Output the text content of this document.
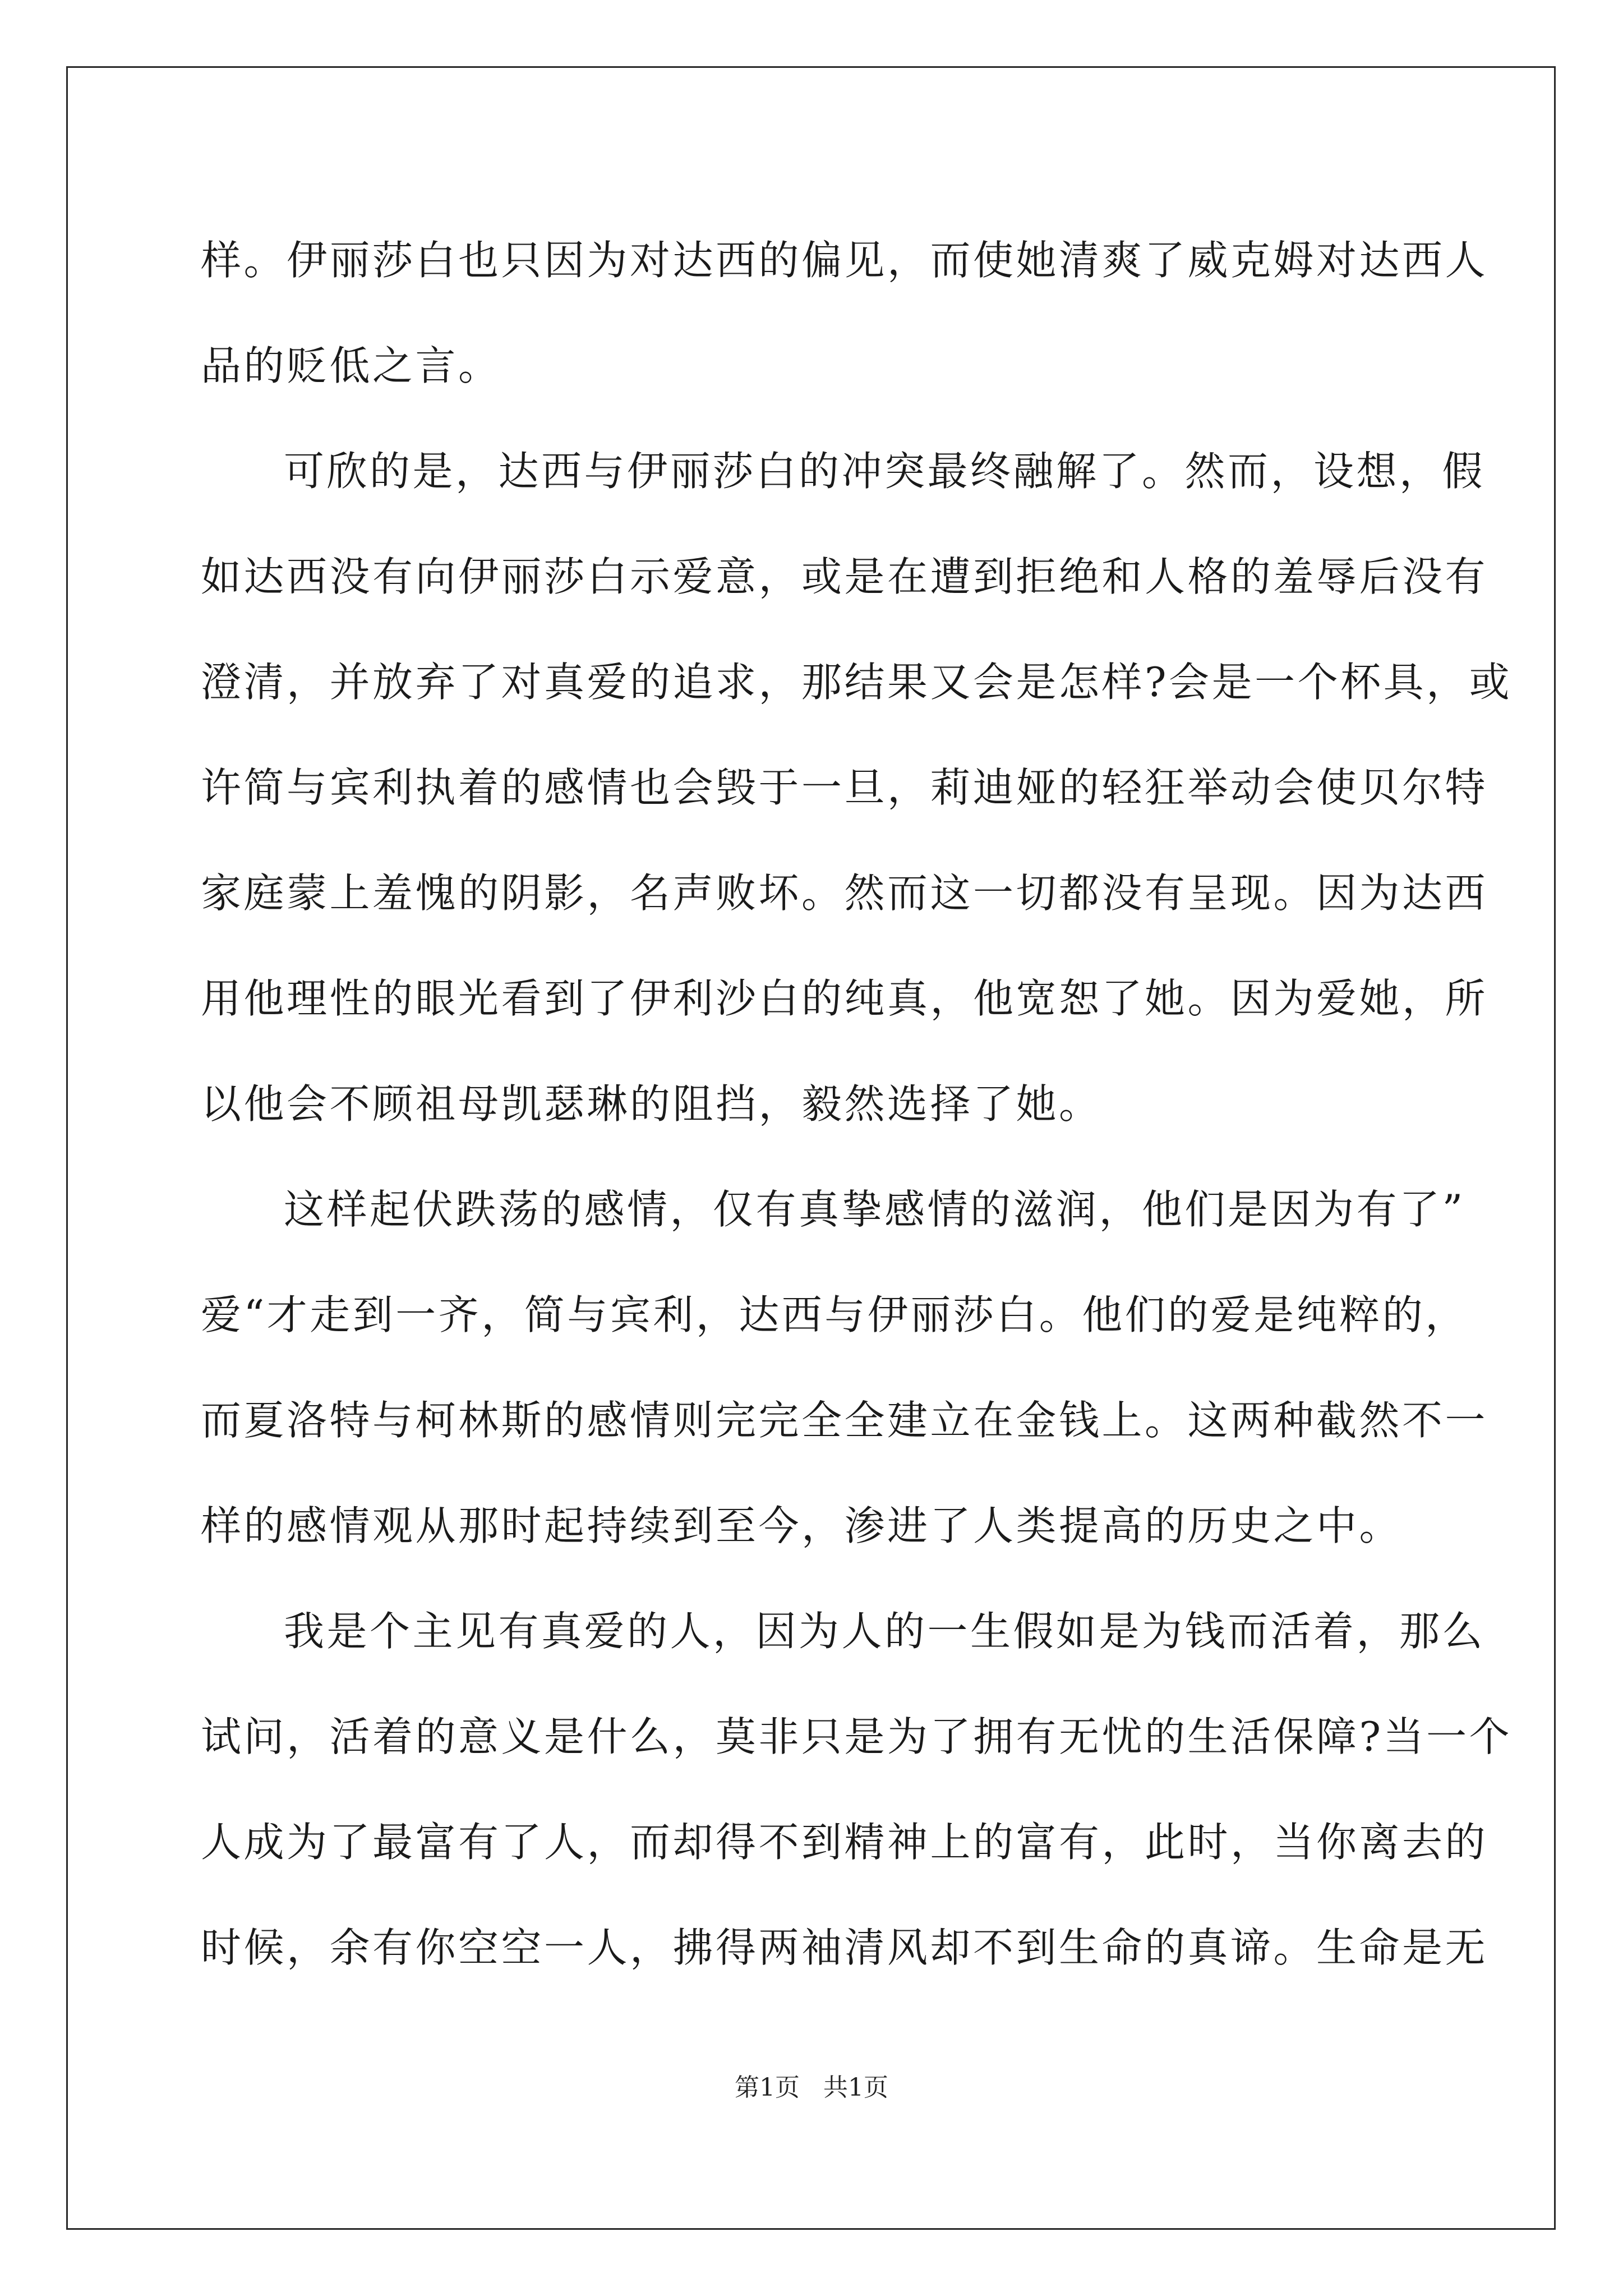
样。伊丽莎白也只因为对达西的偏见，而使她清爽了威克姆对达西人
品的贬低之言。
可欣的是，达西与伊丽莎白的冲突最终融解了。然而，设想，假
如达西没有向伊丽莎白示爱意，或是在遭到拒绝和人格的羞辱后没有
澄清，并放弃了对真爱的追求，那结果又会是怎样?会是一个杯具，或
许简与宾利执着的感情也会毁于一旦，莉迪娅的轻狂举动会使贝尔特
家庭蒙上羞愧的阴影，名声败坏。然而这一切都没有呈现。因为达西
用他理性的眼光看到了伊利沙白的纯真，他宽恕了她。因为爱她，所
以他会不顾祖母凯瑟琳的阻挡，毅然选择了她。
这样起伏跌荡的感情，仅有真挚感情的滋润，他们是因为有了”
爱“才走到一齐，简与宾利，达西与伊丽莎白。他们的爱是纯粹的，
而夏洛特与柯林斯的感情则完完全全建立在金钱上。这两种截然不一
样的感情观从那时起持续到至今，渗进了人类提高的历史之中。
我是个主见有真爱的人，因为人的一生假如是为钱而活着，那么
试问，活着的意义是什么，莫非只是为了拥有无忧的生活保障?当一个
人成为了最富有了人，而却得不到精神上的富有，此时，当你离去的
时候，余有你空空一人，拂得两袖清风却不到生命的真谛。生命是无
第1页   共1页
